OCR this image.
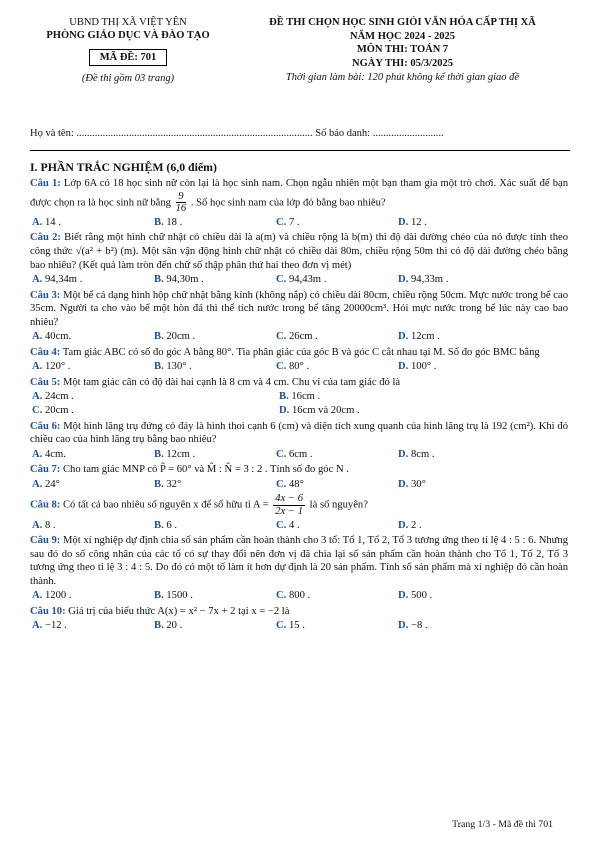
UBND THỊ XÃ VIỆT YÊN
PHÒNG GIÁO DỤC VÀ ĐÀO TẠO
MÃ ĐỀ: 701
(Đề thi gồm 03 trang)
ĐỀ THI CHỌN HỌC SINH GIỎI VĂN HÓA CẤP THỊ XÃ
NĂM HỌC 2024 - 2025
MÔN THI: TOÁN 7
NGÀY THI: 05/3/2025
Thời gian làm bài: 120 phút không kể thời gian giao đề
Họ và tên: .......................................................................................... Số báo danh: ...........................
I. PHẦN TRẮC NGHIỆM (6,0 điểm)
Câu 1: Lớp 6A có 18 học sinh nữ còn lại là học sinh nam. Chọn ngẫu nhiên một bạn tham gia một trò chơi. Xác suất để bạn được chọn ra là học sinh nữ bằng $\frac{9}{16}$ . Số học sinh nam của lớp đó bằng bao nhiêu?
A. 14 .	B. 18 .	C. 7 .	D. 12 .
Câu 2: Biết rằng một hình chữ nhật có chiều dài là a(m) và chiều rộng là b(m) thì độ dài đường chéo của nó được tính theo công thức √(a² + b²) (m). Một sân vận động hình chữ nhật có chiều dài 80m, chiều rộng 50m thì có độ dài đường chéo bằng bao nhiêu? (Kết quả làm tròn đến chữ số thập phân thứ hai theo đơn vị mét)
A. 94,34m .	B. 94,30m .	C. 94,43m .	D. 94,33m .
Câu 3: Một bể cá dạng hình hộp chữ nhật bằng kính (không nắp) có chiều dài 80cm, chiều rộng 50cm. Mực nước trong bể cao 35cm. Người ta cho vào bể một hòn đá thì thể tích nước trong bể tăng 20000cm³. Hỏi mực nước trong bể lúc này cao bao nhiêu?
A. 40cm.	B. 20cm .	C. 26cm .	D. 12cm .
Câu 4: Tam giác ABC có số đo góc A bằng 80°. Tia phân giác của góc B và góc C cắt nhau tại M. Số đo góc BMC bằng
A. 120° .	B. 130° .	C. 80° .	D. 100° .
Câu 5: Một tam giác cân có độ dài hai cạnh là 8 cm và 4 cm. Chu vi của tam giác đó là
A. 24cm .	B. 16cm .
C. 20cm .	D. 16cm và 20cm .
Câu 6: Một hình lăng trụ đứng có đáy là hình thoi cạnh 6 (cm) và diện tích xung quanh của hình lăng trụ là 192 (cm²). Khi đó chiều cao của hình lăng trụ bằng bao nhiêu?
A. 4cm.	B. 12cm .	C. 6cm .	D. 8cm .
Câu 7: Cho tam giác MNP có P̂ = 60° và M̂ : N̂ = 3 : 2 . Tính số đo góc N .
A. 24°	B. 32°	C. 48°	D. 30°
Câu 8: Có tất cả bao nhiêu số nguyên x để số hữu tỉ $A = \frac{4x - 6}{2x - 1}$ là số nguyên?
A. 8 .	B. 6 .	C. 4 .	D. 2 .
Câu 9: Một xí nghiệp dự định chia số sản phẩm cần hoàn thành cho 3 tổ: Tổ 1, Tổ 2, Tổ 3 tương ứng theo tỉ lệ 4 : 5 : 6. Nhưng sau đó do số công nhân của các tổ có sự thay đổi nên đơn vị đã chia lại số sản phẩm cần hoàn thành cho Tổ 1, Tổ 2, Tổ 3 tương ứng theo tỉ lệ 3 : 4 : 5. Do đó có một tổ làm ít hơn dự định là 20 sản phẩm. Tính số sản phẩm mà xí nghiệp đó cần hoàn thành.
A. 1200 .	B. 1500 .	C. 800 .	D. 500 .
Câu 10: Giá trị của biểu thức A(x) = x² − 7x + 2 tại x = −2 là
A. −12 .	B. 20 .	C. 15 .	D. −8 .
Trang 1/3 - Mã đề thi 701
